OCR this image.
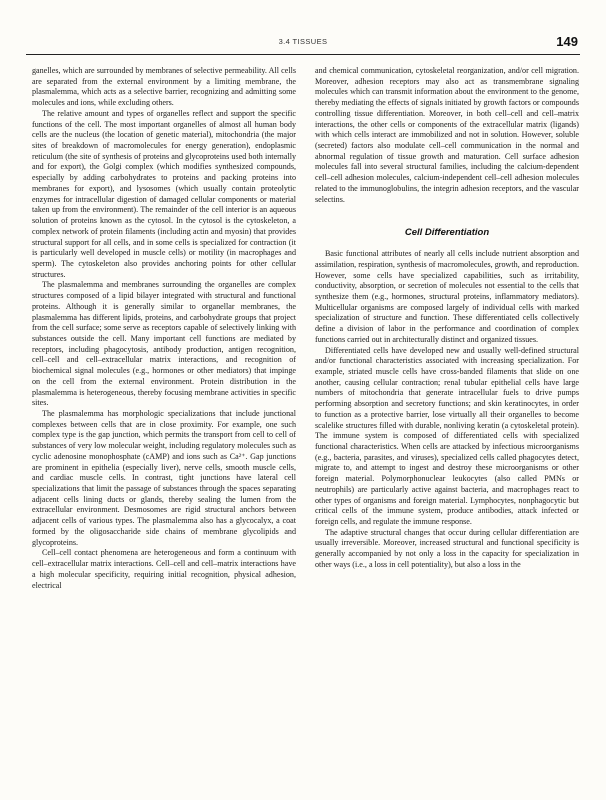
3.4 TISSUES	149

ganelles, which are surrounded by membranes of selective permeability. All cells are separated from the external environment by a limiting membrane, the plasmalemma, which acts as a selective barrier, recognizing and admitting some molecules and ions, while excluding others.

The relative amount and types of organelles reflect and support the specific functions of the cell. The most important organelles of almost all human body cells are the nucleus (the location of genetic material), mitochondria (the major sites of breakdown of macromolecules for energy generation), endoplasmic reticulum (the site of synthesis of proteins and glycoproteins used both internally and for export), the Golgi complex (which modifies synthesized compounds, especially by adding carbohydrates to proteins and packing proteins into membranes for export), and lysosomes (which usually contain proteolytic enzymes for intracellular digestion of damaged cellular components or material taken up from the environment). The remainder of the cell interior is an aqueous solution of proteins known as the cytosol. In the cytosol is the cytoskeleton, a complex network of protein filaments (including actin and myosin) that provides structural support for all cells, and in some cells is specialized for contraction (it is particularly well developed in muscle cells) or motility (in macrophages and sperm). The cytoskeleton also provides anchoring points for other cellular structures.

The plasmalemma and membranes surrounding the organelles are complex structures composed of a lipid bilayer integrated with structural and functional proteins. Although it is generally similar to organellar membranes, the plasmalemma has different lipids, proteins, and carbohydrate groups that project from the cell surface; some serve as receptors capable of selectively linking with substances outside the cell. Many important cell functions are mediated by receptors, including phagocytosis, antibody production, antigen recognition, cell–cell and cell–extracellular matrix interactions, and recognition of biochemical signal molecules (e.g., hormones or other mediators) that impinge on the cell from the external environment. Protein distribution in the plasmalemma is heterogeneous, thereby focusing membrane activities in specific sites.

The plasmalemma has morphologic specializations that include junctional complexes between cells that are in close proximity. For example, one such complex type is the gap junction, which permits the transport from cell to cell of substances of very low molecular weight, including regulatory molecules such as cyclic adenosine monophosphate (cAMP) and ions such as Ca²⁺. Gap junctions are prominent in epithelia (especially liver), nerve cells, smooth muscle cells, and cardiac muscle cells. In contrast, tight junctions have lateral cell specializations that limit the passage of substances through the spaces separating adjacent cells lining ducts or glands, thereby sealing the lumen from the extracellular environment. Desmosomes are rigid structural anchors between adjacent cells of various types. The plasmalemma also has a glycocalyx, a coat formed by the oligosaccharide side chains of membrane glycolipids and glycoproteins.

Cell–cell contact phenomena are heterogeneous and form a continuum with cell–extracellular matrix interactions. Cell–cell and cell–matrix interactions have a high molecular specificity, requiring initial recognition, physical adhesion, electrical

and chemical communication, cytoskeletal reorganization, and/or cell migration. Moreover, adhesion receptors may also act as transmembrane signaling molecules which can transmit information about the environment to the genome, thereby mediating the effects of signals initiated by growth factors or compounds controlling tissue differentiation. Moreover, in both cell–cell and cell–matrix interactions, the other cells or components of the extracellular matrix (ligands) with which cells interact are immobilized and not in solution. However, soluble (secreted) factors also modulate cell–cell communication in the normal and abnormal regulation of tissue growth and maturation. Cell surface adhesion molecules fall into several structural families, including the calcium-dependent cell–cell adhesion molecules, calcium-independent cell–cell adhesion molecules related to the immunoglobulins, the integrin adhesion receptors, and the vascular selectins.

Cell Differentiation

Basic functional attributes of nearly all cells include nutrient absorption and assimilation, respiration, synthesis of macromolecules, growth, and reproduction. However, some cells have specialized capabilities, such as irritability, conductivity, absorption, or secretion of molecules not essential to the cells that synthesize them (e.g., hormones, structural proteins, inflammatory mediators). Multicellular organisms are composed largely of individual cells with marked specialization of structure and function. These differentiated cells collectively define a division of labor in the performance and coordination of complex functions carried out in architecturally distinct and organized tissues.

Differentiated cells have developed new and usually well-defined structural and/or functional characteristics associated with increasing specialization. For example, striated muscle cells have cross-banded filaments that slide on one another, causing cellular contraction; renal tubular epithelial cells have large numbers of mitochondria that generate intracellular fuels to drive pumps performing absorption and secretory functions; and skin keratinocytes, in order to function as a protective barrier, lose virtually all their organelles to become scalelike structures filled with durable, nonliving keratin (a cytoskeletal protein). The immune system is composed of differentiated cells with specialized functional characteristics. When cells are attacked by infectious microorganisms (e.g., bacteria, parasites, and viruses), specialized cells called phagocytes detect, migrate to, and attempt to ingest and destroy these microorganisms or other foreign material. Polymorphonuclear leukocytes (also called PMNs or neutrophils) are particularly active against bacteria, and macrophages react to other types of organisms and foreign material. Lymphocytes, nonphagocytic but critical cells of the immune system, produce antibodies, attack infected or foreign cells, and regulate the immune response.

The adaptive structural changes that occur during cellular differentiation are usually irreversible. Moreover, increased structural and functional specificity is generally accompanied by not only a loss in the capacity for specialization in other ways (i.e., a loss in cell potentiality), but also a loss in the
